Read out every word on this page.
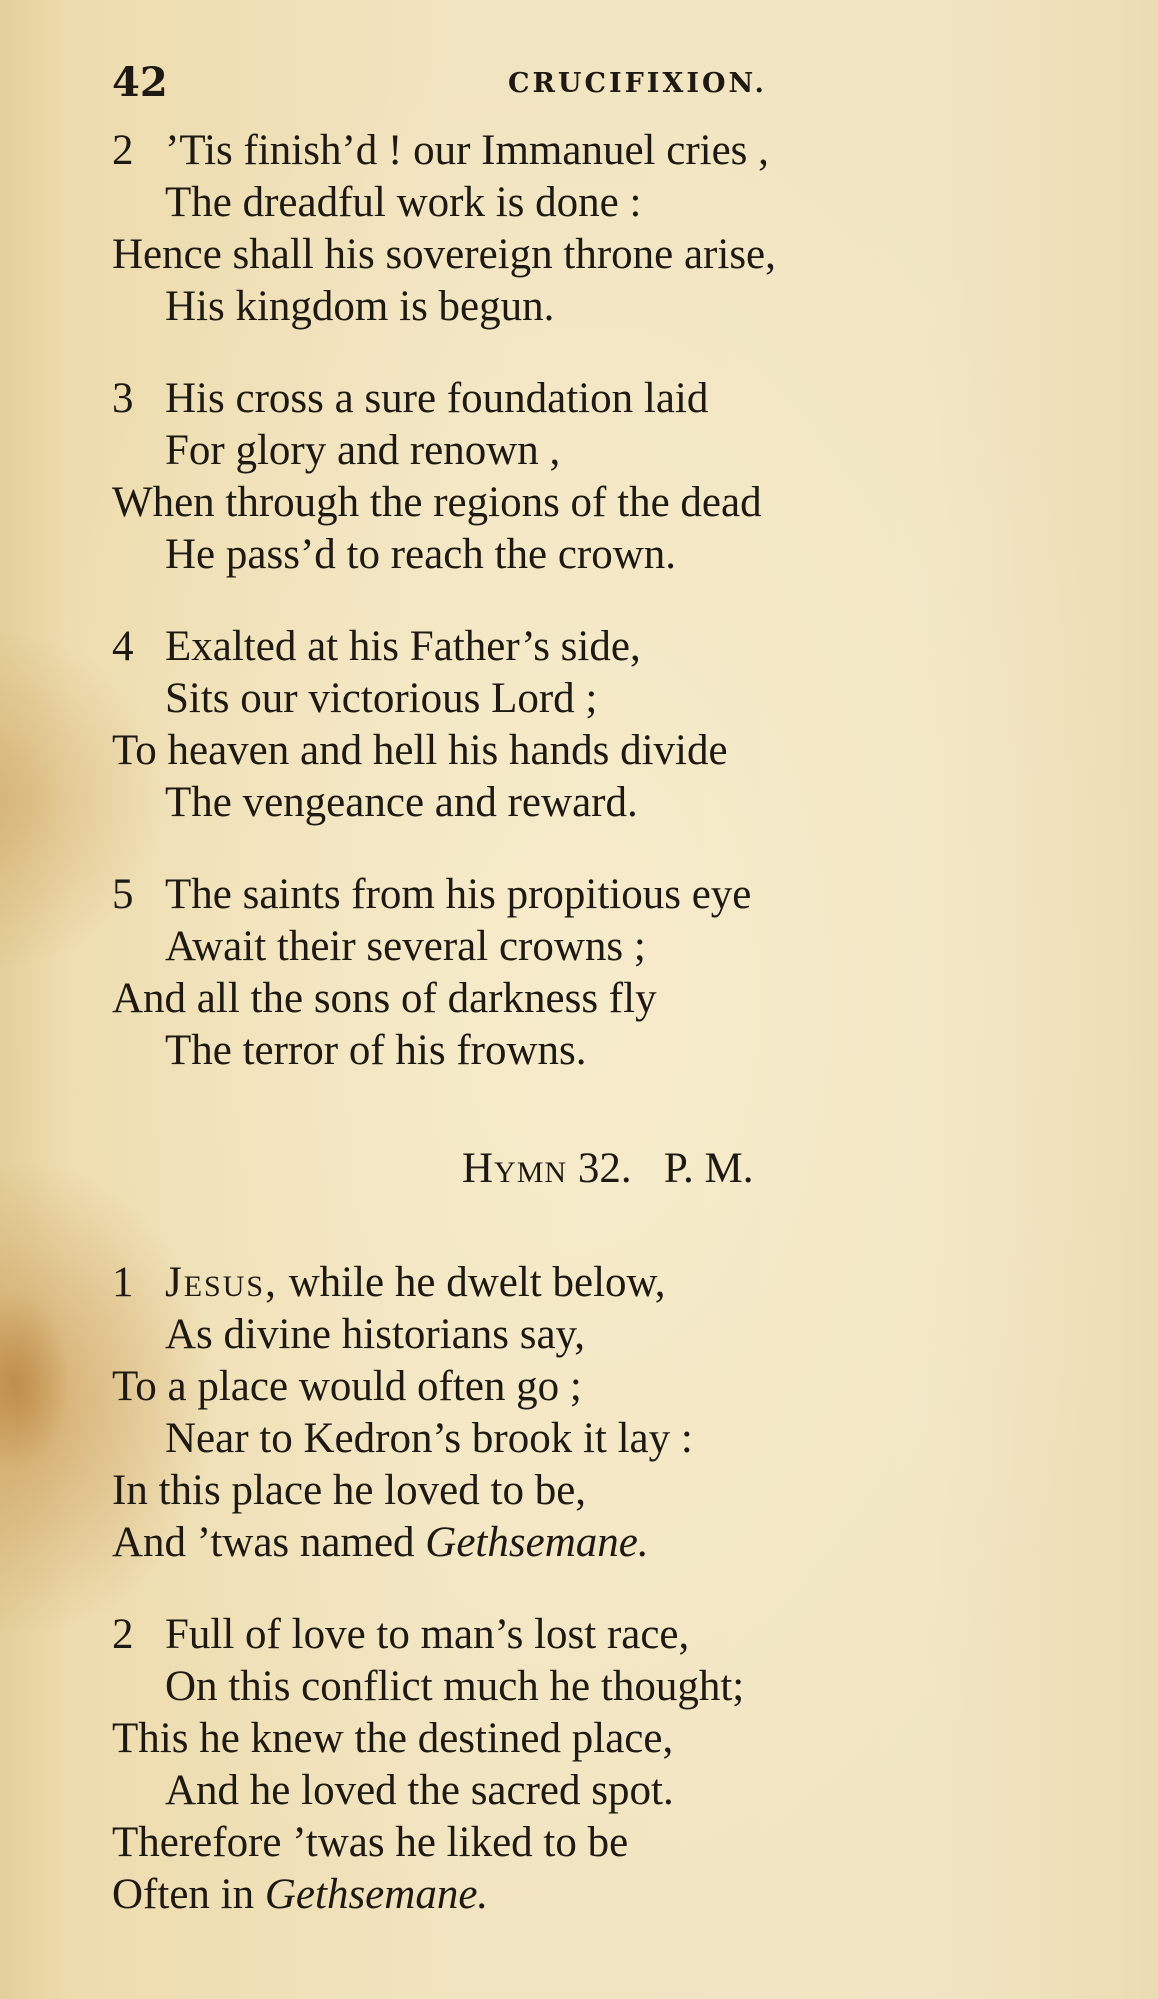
42	CRUCIFIXION.
2 ’Tis finish’d ! our Immanuel cries ,
The dreadful work is done :
Hence shall his sovereign throne arise,
His kingdom is begun.
3 His cross a sure foundation laid
For glory and renown ,
When through the regions of the dead
He pass’d to reach the crown.
4 Exalted at his Father’s side,
Sits our victorious Lord ;
To heaven and hell his hands divide
The vengeance and reward.
5 The saints from his propitious eye
Await their several crowns ;
And all the sons of darkness fly
The terror of his frowns.
Hymn 32. P. M.
1 Jesus, while he dwelt below,
As divine historians say,
To a place would often go ;
Near to Kedron’s brook it lay :
In this place he loved to be,
And ’twas named Gethsemane.
2 Full of love to man’s lost race,
On this conflict much he thought;
This he knew the destined place,
And he loved the sacred spot.
Therefore ’twas he liked to be
Often in Gethsemane.
